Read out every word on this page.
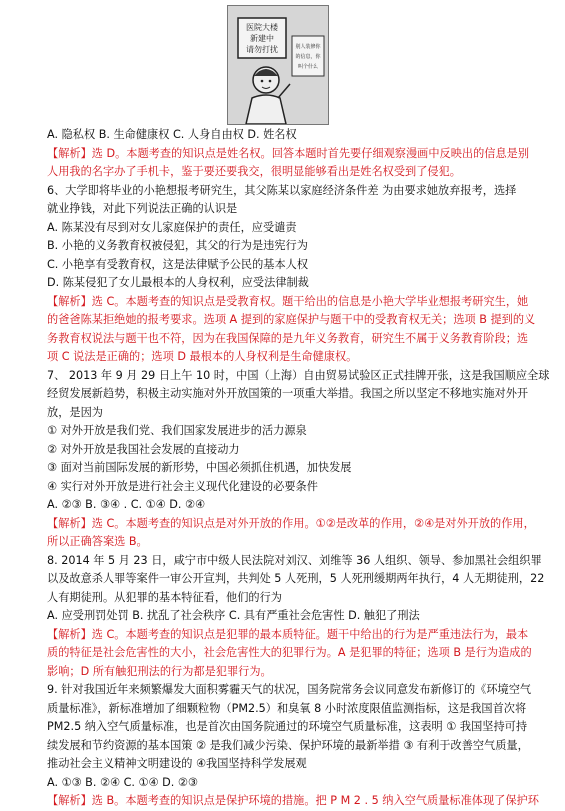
医院大楼
新建中
请勿打扰	别人装修你
的信息，你
叫个什么
A. 隐私权 B. 生命健康权 C. 人身自由权 D. 姓名权
【解析】选 D。本题考查的知识点是姓名权。回答本题时首先要仔细观察漫画中反映出的信息是别
人用我的名字办了手机卡，鉴于要还要我交，很明显能够看出是姓名权受到了侵犯。
6、大学即将毕业的小艳想报考研究生，其父陈某以家庭经济条件差 为由要求她放弃报考，选择
就业挣钱，对此下列说法正确的认识是
A. 陈某没有尽到对女儿家庭保护的责任，应受谴责
B. 小艳的义务教育权被侵犯，其父的行为是违宪行为
C. 小艳享有受教育权，这是法律赋予公民的基本人权
D. 陈某侵犯了女儿最根本的人身权利，应受法律制裁
【解析】选 C。本题考查的知识点是受教育权。题干给出的信息是小艳大学毕业想报考研究生，她
的爸爸陈某拒绝她的报考要求。选项 A 提到的家庭保护与题干中的受教育权无关；选项 B 提到的义
务教育权说法与题干也不符，因为在我国保障的是九年义务教育，研究生不属于义务教育阶段；选
项 C 说法是正确的；选项 D 最根本的人身权利是生命健康权。
7、 2013 年 9 月 29 日上午 10 时，中国（上海）自由贸易试验区正式挂牌开张，这是我国顺应全球
经贸发展新趋势，积极主动实施对外开放国策的一项重大举措。我国之所以坚定不移地实施对外开
放，是因为
① 对外开放是我们党、我们国家发展进步的活力源泉
② 对外开放是我国社会发展的直接动力
③ 面对当前国际发展的新形势，中国必须抓住机遇，加快发展
④ 实行对外开放是进行社会主义现代化建设的必要条件
A. ②③ B. ③④ . C. ①④ D. ②④
【解析】选 C。本题考查的知识点是对外开放的作用。①②是改革的作用，②④是对外开放的作用，
所以正确答案选 B。
8. 2014 年 5 月 23 日，咸宁市中级人民法院对刘汉、刘维等 36 人组织、领导、参加黑社会组织罪
以及故意杀人罪等案件一审公开宣判，共判处 5 人死刑，5 人死刑缓期两年执行，4 人无期徒刑，22
人有期徒刑。从犯罪的基本特征看，他们的行为
A. 应受刑罚处罚 B. 扰乱了社会秩序 C. 具有严重社会危害性 D. 触犯了刑法
【解析】选 C。本题考查的知识点是犯罪的最本质特征。题干中给出的行为是严重违法行为，最本
质的特征是社会危害性的大小，社会危害性大的犯罪行为。A 是犯罪的特征；选项 B 是行为造成的
影响；D 所有触犯刑法的行为都是犯罪行为。
9. 针对我国近年来频繁爆发大面积雾霾天气的状况，国务院常务会议同意发布新修订的《环境空气
质量标准》，新标准增加了细颗粒物（PM2.5）和臭氧 8 小时浓度限值监测指标，这是我国首次将
PM2.5 纳入空气质量标准，也是首次由国务院通过的环境空气质量标准，这表明 ① 我国坚持可持
续发展和节约资源的基本国策 ② 是我们减少污染、保护环境的最新举措 ③ 有利于改善空气质量，
推动社会主义精神文明建设的 ④我国坚持科学发展观
A. ①③ B. ②④ C. ①④ D. ②③
【解析】选 B。本题考查的知识点是保护环境的措施。把 P M 2 . 5 纳入空气质量标准体现了保护环
